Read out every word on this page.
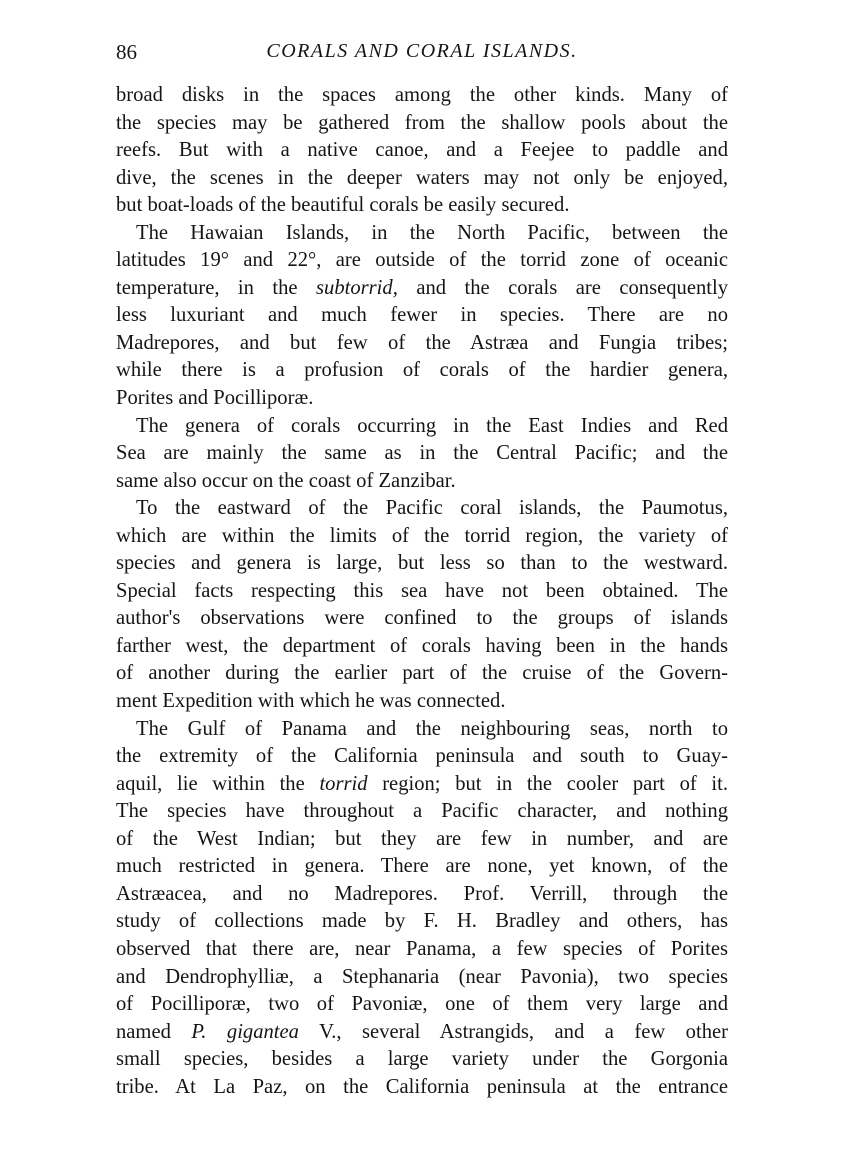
86	CORALS AND CORAL ISLANDS.

broad disks in the spaces among the other kinds. Many of
the species may be gathered from the shallow pools about the
reefs. But with a native canoe, and a Feejee to paddle and
dive, the scenes in the deeper waters may not only be enjoyed,
but boat-loads of the beautiful corals be easily secured.

The Hawaian Islands, in the North Pacific, between the
latitudes 19° and 22°, are outside of the torrid zone of oceanic
temperature, in the subtorrid, and the corals are consequently
less luxuriant and much fewer in species. There are no
Madrepores, and but few of the Astræa and Fungia tribes;
while there is a profusion of corals of the hardier genera,
Porites and Pocilliporæ.

The genera of corals occurring in the East Indies and Red
Sea are mainly the same as in the Central Pacific; and the
same also occur on the coast of Zanzibar.

To the eastward of the Pacific coral islands, the Paumotus,
which are within the limits of the torrid region, the variety of
species and genera is large, but less so than to the westward.
Special facts respecting this sea have not been obtained. The
author's observations were confined to the groups of islands
farther west, the department of corals having been in the hands
of another during the earlier part of the cruise of the Govern-
ment Expedition with which he was connected.

The Gulf of Panama and the neighbouring seas, north to
the extremity of the California peninsula and south to Guay-
aquil, lie within the torrid region; but in the cooler part of it.
The species have throughout a Pacific character, and nothing
of the West Indian; but they are few in number, and are
much restricted in genera. There are none, yet known, of the
Astræacea, and no Madrepores. Prof. Verrill, through the
study of collections made by F. H. Bradley and others, has
observed that there are, near Panama, a few species of Porites
and Dendrophylliæ, a Stephanaria (near Pavonia), two species
of Pocilliporæ, two of Pavoniæ, one of them very large and
named P. gigantea V., several Astrangids, and a few other
small species, besides a large variety under the Gorgonia
tribe. At La Paz, on the California peninsula at the entrance
